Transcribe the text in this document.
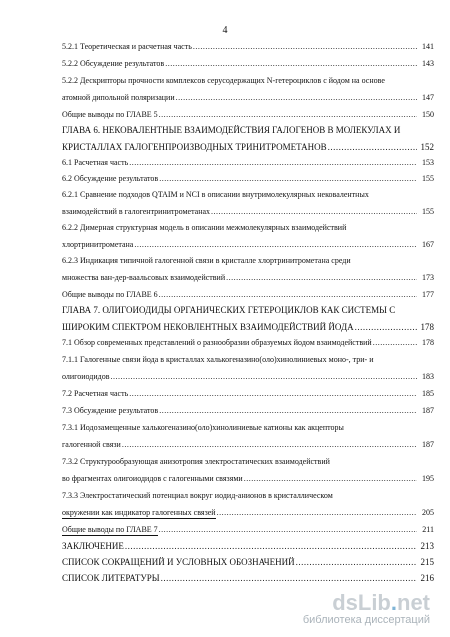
4
5.2.1 Теоретическая и расчетная часть .....	141
5.2.2 Обсуждение результатов .....	143
5.2.2 Дескрипторы прочности комплексов серусодержащих N-гетероциклов с йодом на основе
атомной дипольной поляризации .....	147
Общие выводы по ГЛАВЕ 5 .....	150
ГЛАВА 6. НЕКОВАЛЕНТНЫЕ ВЗАИМОДЕЙСТВИЯ ГАЛОГЕНОВ В МОЛЕКУЛАХ И
КРИСТАЛЛАХ ГАЛОГЕНПРОИЗВОДНЫХ ТРИНИТРОМЕТАНОВ .....	152
6.1 Расчетная часть .....	153
6.2 Обсуждение результатов .....	155
6.2.1 Сравнение подходов QTAIM и NCI в описании внутримолекулярных нековалентных
взаимодействий в галогентринитрометанах .....	155
6.2.2 Димерная структурная модель в описании межмолекулярных взаимодействий
хлортринитрометана .....	167
6.2.3 Индикация типичной галогенной связи в кристалле хлортринитрометана среди
множества ван-дер-ваальсовых взаимодействий .....	173
Общие выводы по ГЛАВЕ 6 .....	177
ГЛАВА 7. ОЛИГОИОДИДЫ ОРГАНИЧЕСКИХ ГЕТЕРОЦИКЛОВ КАК СИСТЕМЫ С
ШИРОКИМ СПЕКТРОМ НЕКОВЛЕНТНЫХ ВЗАИМОДЕЙСТВИЙ ЙОДА .....	178
7.1 Обзор современных представлений о разнообразии образуемых йодом взаимодействий .....	178
7.1.1 Галогенные связи йода в кристаллах халькогеназино(оло)хинолиниевых моно-, три- и
олигоиодидов .....	183
7.2 Расчетная часть .....	185
7.3 Обсуждение результатов .....	187
7.3.1 Иодозамещенные халькогеназино(оло)хинолиниевые катионы как акцепторы
галогенной связи .....	187
7.3.2 Структурообразующая анизотропия электростатических взаимодействий
во фрагментах олигоиодидов с галогенными связями .....	195
7.3.3 Электростатический потенциал вокруг иодид-анионов в кристаллическом
окружении как индикатор галогенных связей .....	205
Общие выводы по ГЛАВЕ 7 .....	211
ЗАКЛЮЧЕНИЕ .....	213
СПИСОК СОКРАЩЕНИЙ И УСЛОВНЫХ ОБОЗНАЧЕНИЙ .....	215
СПИСОК ЛИТЕРАТУРЫ .....	216
dsLib.net
библиотека диссертаций
